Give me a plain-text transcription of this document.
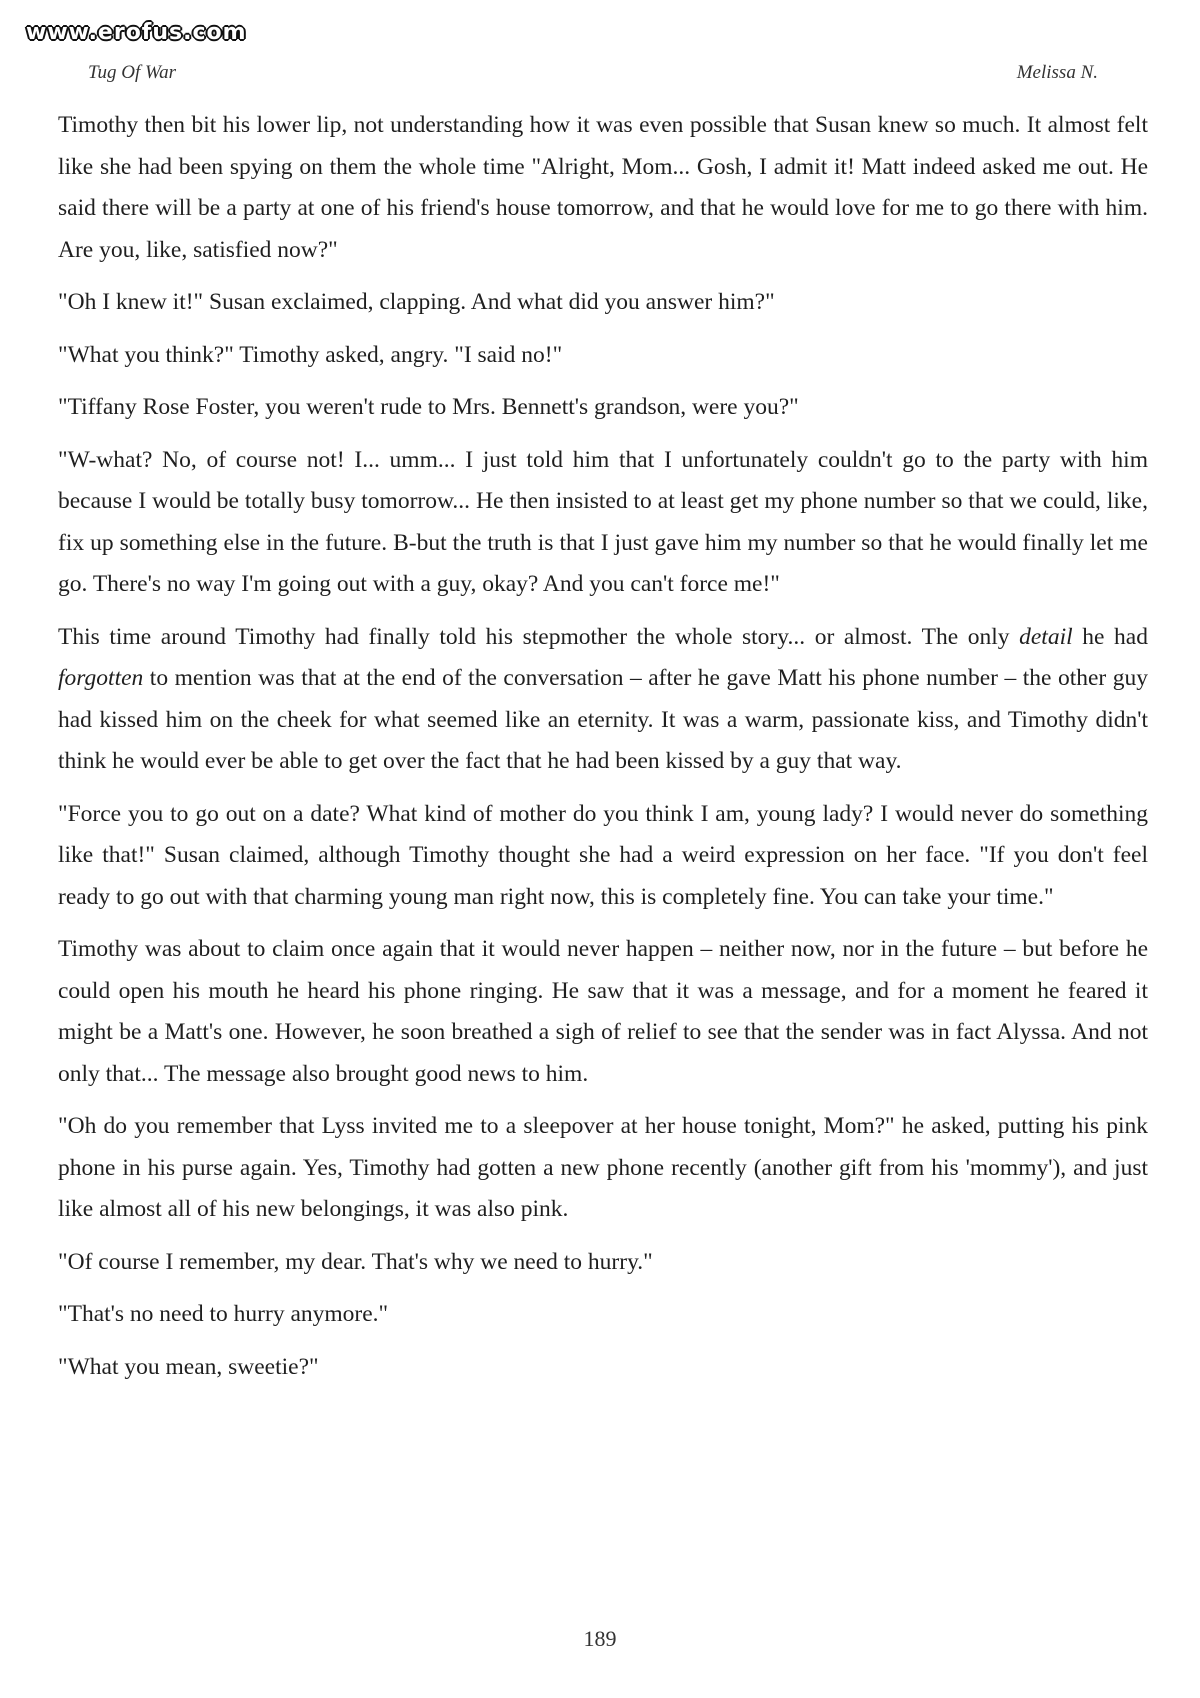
www.erofus.com
Tug Of War	Melissa N.

Timothy then bit his lower lip, not understanding how it was even possible that Susan knew so much. It almost felt like she had been spying on them the whole time "Alright, Mom... Gosh, I admit it! Matt indeed asked me out. He said there will be a party at one of his friend's house tomorrow, and that he would love for me to go there with him. Are you, like, satisfied now?"

"Oh I knew it!" Susan exclaimed, clapping. And what did you answer him?"

"What you think?" Timothy asked, angry. "I said no!"

"Tiffany Rose Foster, you weren't rude to Mrs. Bennett's grandson, were you?"

"W-what? No, of course not! I... umm... I just told him that I unfortunately couldn't go to the party with him because I would be totally busy tomorrow... He then insisted to at least get my phone number so that we could, like, fix up something else in the future. B-but the truth is that I just gave him my number so that he would finally let me go. There's no way I'm going out with a guy, okay? And you can't force me!"

This time around Timothy had finally told his stepmother the whole story... or almost. The only detail he had forgotten to mention was that at the end of the conversation – after he gave Matt his phone number – the other guy had kissed him on the cheek for what seemed like an eternity. It was a warm, passionate kiss, and Timothy didn't think he would ever be able to get over the fact that he had been kissed by a guy that way.

"Force you to go out on a date? What kind of mother do you think I am, young lady? I would never do something like that!" Susan claimed, although Timothy thought she had a weird expression on her face. "If you don't feel ready to go out with that charming young man right now, this is completely fine. You can take your time."

Timothy was about to claim once again that it would never happen – neither now, nor in the future – but before he could open his mouth he heard his phone ringing. He saw that it was a message, and for a moment he feared it might be a Matt's one. However, he soon breathed a sigh of relief to see that the sender was in fact Alyssa. And not only that... The message also brought good news to him.

"Oh do you remember that Lyss invited me to a sleepover at her house tonight, Mom?" he asked, putting his pink phone in his purse again. Yes, Timothy had gotten a new phone recently (another gift from his 'mommy'), and just like almost all of his new belongings, it was also pink.

"Of course I remember, my dear. That's why we need to hurry."

"That's no need to hurry anymore."

"What you mean, sweetie?"

189
